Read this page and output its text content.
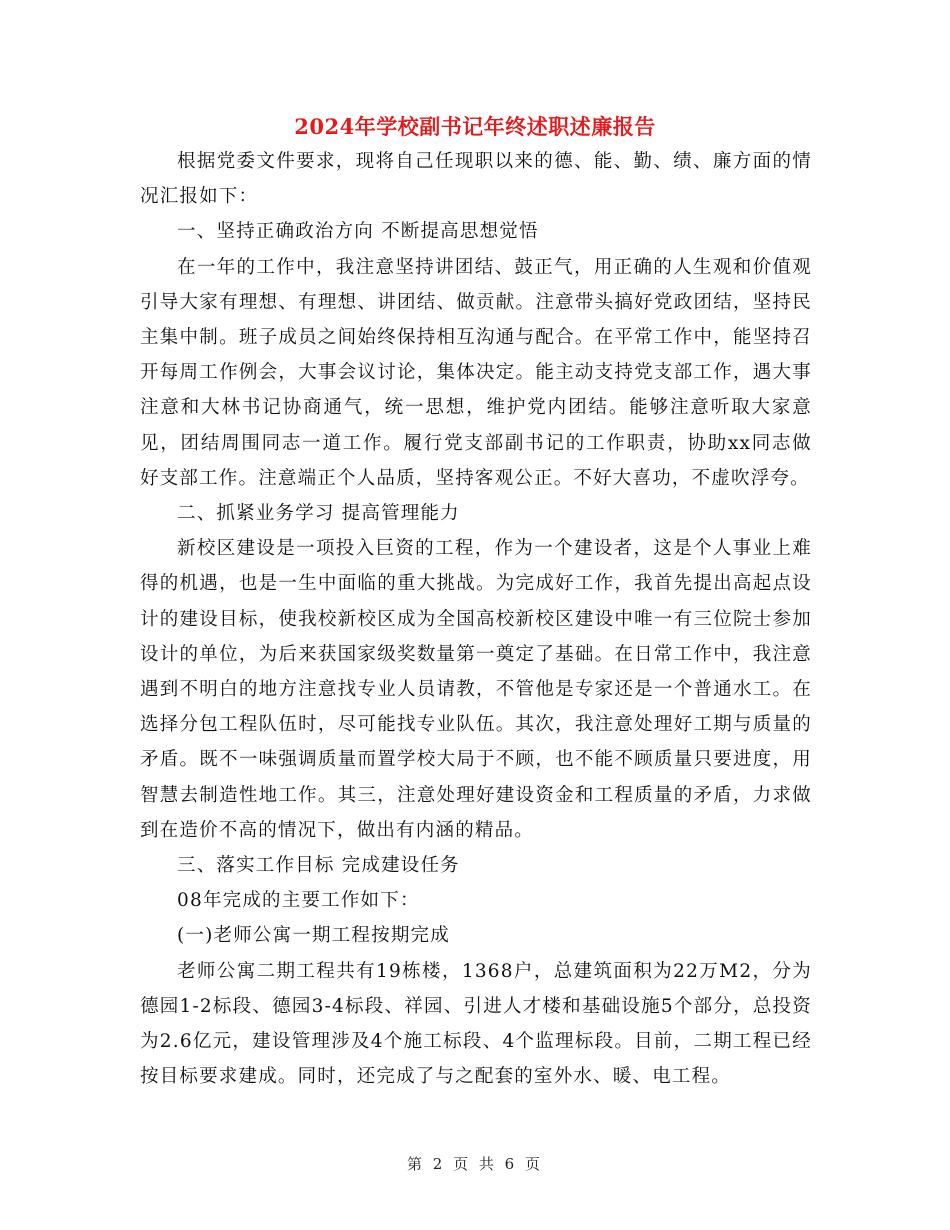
2024年学校副书记年终述职述廉报告

根据党委文件要求，现将自己任现职以来的德、能、勤、绩、廉方面的情况汇报如下：

一、坚持正确政治方向 不断提高思想觉悟

在一年的工作中，我注意坚持讲团结、鼓正气，用正确的人生观和价值观引导大家有理想、有理想、讲团结、做贡献。注意带头搞好党政团结，坚持民主集中制。班子成员之间始终保持相互沟通与配合。在平常工作中，能坚持召开每周工作例会，大事会议讨论，集体决定。能主动支持党支部工作，遇大事注意和大林书记协商通气，统一思想，维护党内团结。能够注意听取大家意见，团结周围同志一道工作。履行党支部副书记的工作职责，协助xx同志做好支部工作。注意端正个人品质，坚持客观公正。不好大喜功，不虚吹浮夸。

二、抓紧业务学习 提高管理能力

新校区建设是一项投入巨资的工程，作为一个建设者，这是个人事业上难得的机遇，也是一生中面临的重大挑战。为完成好工作，我首先提出高起点设计的建设目标，使我校新校区成为全国高校新校区建设中唯一有三位院士参加设计的单位，为后来获国家级奖数量第一奠定了基础。在日常工作中，我注意遇到不明白的地方注意找专业人员请教，不管他是专家还是一个普通水工。在选择分包工程队伍时，尽可能找专业队伍。其次，我注意处理好工期与质量的矛盾。既不一味强调质量而置学校大局于不顾，也不能不顾质量只要进度，用智慧去制造性地工作。其三，注意处理好建设资金和工程质量的矛盾，力求做到在造价不高的情况下，做出有内涵的精品。

三、落实工作目标 完成建设任务

08年完成的主要工作如下：

(一)老师公寓一期工程按期完成

老师公寓二期工程共有19栋楼，1368户，总建筑面积为22万M2，分为德园1-2标段、德园3-4标段、祥园、引进人才楼和基础设施5个部分，总投资为2.6亿元，建设管理涉及4个施工标段、4个监理标段。目前，二期工程已经按目标要求建成。同时，还完成了与之配套的室外水、暖、电工程。

第 2 页 共 6 页
